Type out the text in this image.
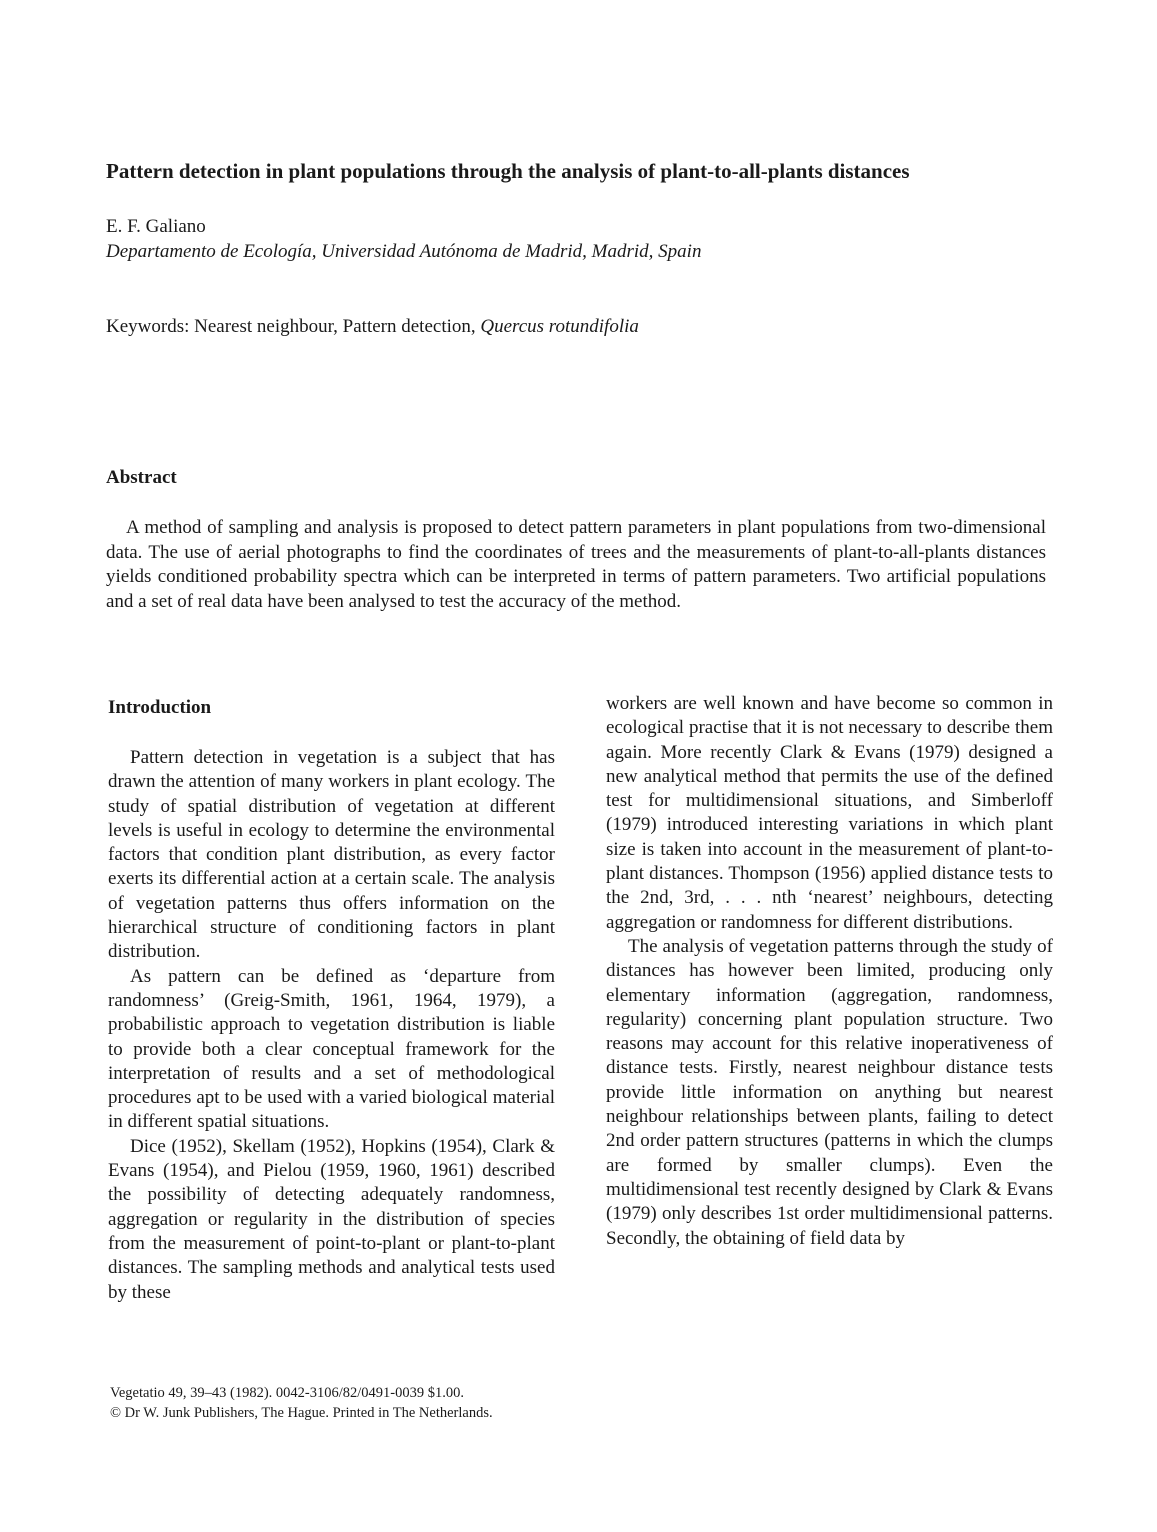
Pattern detection in plant populations through the analysis of plant-to-all-plants distances
E. F. Galiano
Departamento de Ecología, Universidad Autónoma de Madrid, Madrid, Spain
Keywords: Nearest neighbour, Pattern detection, Quercus rotundifolia
Abstract

A method of sampling and analysis is proposed to detect pattern parameters in plant populations from two-dimensional data. The use of aerial photographs to find the coordinates of trees and the measurements of plant-to-all-plants distances yields conditioned probability spectra which can be interpreted in terms of pattern parameters. Two artificial populations and a set of real data have been analysed to test the accuracy of the method.

Introduction

Pattern detection in vegetation is a subject that has drawn the attention of many workers in plant ecology. The study of spatial distribution of vegetation at different levels is useful in ecology to determine the environmental factors that condition plant distribution, as every factor exerts its differential action at a certain scale. The analysis of vegetation patterns thus offers information on the hierarchical structure of conditioning factors in plant distribution.

As pattern can be defined as ‘departure from randomness’ (Greig-Smith, 1961, 1964, 1979), a probabilistic approach to vegetation distribution is liable to provide both a clear conceptual framework for the interpretation of results and a set of methodological procedures apt to be used with a varied biological material in different spatial situations.

Dice (1952), Skellam (1952), Hopkins (1954), Clark & Evans (1954), and Pielou (1959, 1960, 1961) described the possibility of detecting adequately randomness, aggregation or regularity in the distribution of species from the measurement of point-to-plant or plant-to-plant distances. The sampling methods and analytical tests used by these

workers are well known and have become so common in ecological practise that it is not necessary to describe them again. More recently Clark & Evans (1979) designed a new analytical method that permits the use of the defined test for multidimensional situations, and Simberloff (1979) introduced interesting variations in which plant size is taken into account in the measurement of plant-to-plant distances. Thompson (1956) applied distance tests to the 2nd, 3rd, . . . nth ‘nearest’ neighbours, detecting aggregation or randomness for different distributions.

The analysis of vegetation patterns through the study of distances has however been limited, producing only elementary information (aggregation, randomness, regularity) concerning plant population structure. Two reasons may account for this relative inoperativeness of distance tests. Firstly, nearest neighbour distance tests provide little information on anything but nearest neighbour relationships between plants, failing to detect 2nd order pattern structures (patterns in which the clumps are formed by smaller clumps). Even the multidimensional test recently designed by Clark & Evans (1979) only describes 1st order multidimensional patterns. Secondly, the obtaining of field data by

Vegetatio 49, 39–43 (1982). 0042-3106/82/0491-0039 $1.00.
© Dr W. Junk Publishers, The Hague. Printed in The Netherlands.
